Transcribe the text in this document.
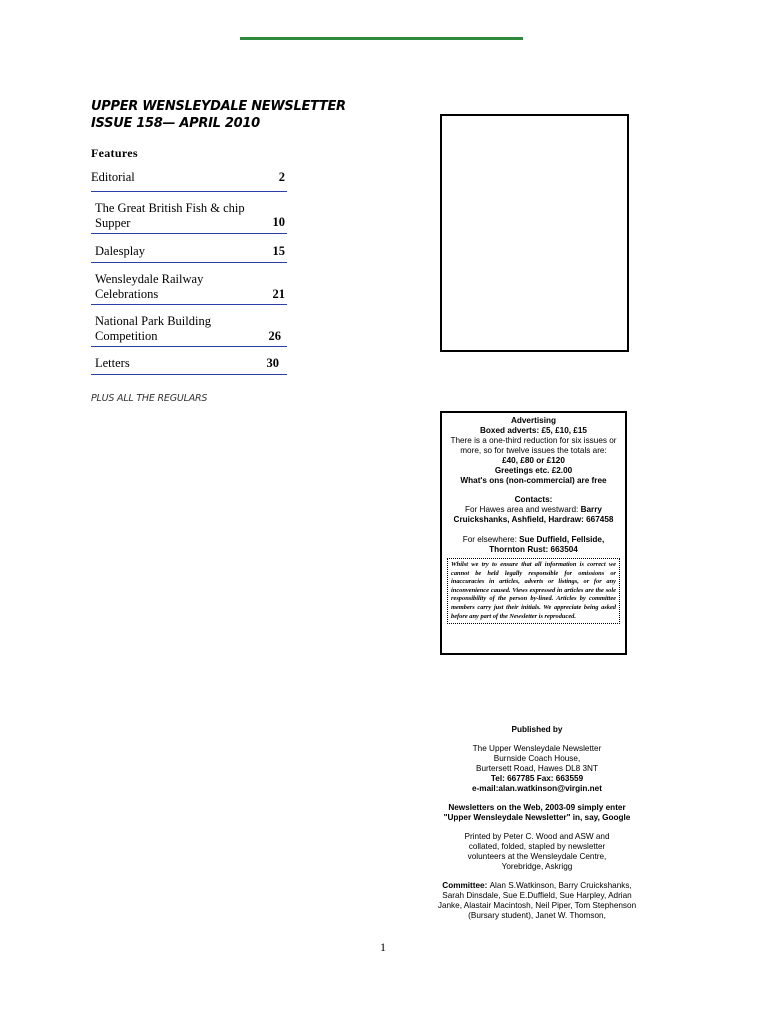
UPPER WENSLEYDALE NEWSLETTER
ISSUE 158— APRIL 2010
Features
Editorial	2
The Great British Fish & chip Supper	10
Dalesplay	15
Wensleydale Railway Celebrations	21
National Park Building Competition	26
Letters	30
PLUS ALL THE REGULARS
Advertising
Boxed adverts: £5, £10, £15
There is a one-third reduction for six issues or more, so for twelve issues the totals are:
£40, £80 or £120
Greetings etc. £2.00
What's ons (non-commercial) are free
Contacts:
For Hawes area and westward: Barry Cruickshanks, Ashfield, Hardraw: 667458
For elsewhere: Sue Duffield, Fellside, Thornton Rust: 663504
Whilst we try to ensure that all information is correct we cannot be held legally responsible for omissions or inaccuracies in articles, adverts or listings, or for any inconvenience caused. Views expressed in articles are the sole responsibility of the person by-lined. Articles by committee members carry just their initials. We appreciate being asked before any part of the Newsletter is reproduced.

Published by

The Upper Wensleydale Newsletter

Burnside Coach House,

Burtersett Road, Hawes DL8 3NT

Tel: 667785 Fax: 663559

e-mail:alan.watkinson@virgin.net

Newsletters on the Web, 2003-09 simply enter "Upper Wensleydale Newsletter" in, say, Google

Printed by Peter C. Wood and ASW and collated, folded, stapled by newsletter volunteers at the Wensleydale Centre, Yorebridge, Askrigg

Committee: Alan S.Watkinson, Barry Cruickshanks, Sarah Dinsdale, Sue E.Duffield, Sue Harpley, Adrian Janke, Alastair Macintosh, Neil Piper, Tom Stephenson (Bursary student), Janet W. Thomson,

1
